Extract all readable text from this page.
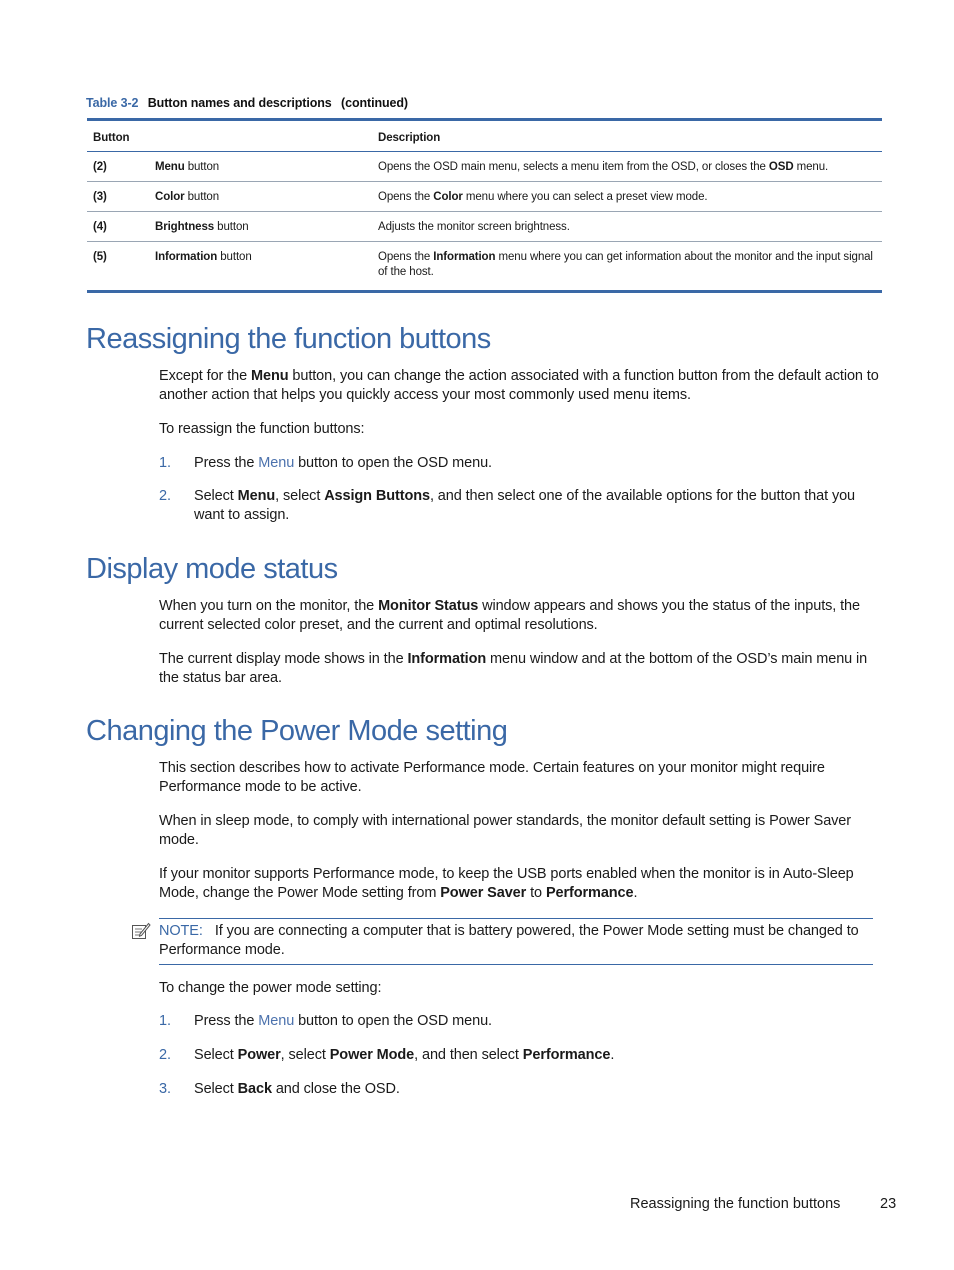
Table 3-2 Button names and descriptions (continued)
Button		Description
(2)	Menu button	Opens the OSD main menu, selects a menu item from the OSD, or closes the OSD menu.
(3)	Color button	Opens the Color menu where you can select a preset view mode.
(4)	Brightness button	Adjusts the monitor screen brightness.
(5)	Information button	Opens the Information menu where you can get information about the monitor and the input signal of the host.
Reassigning the function buttons

Except for the Menu button, you can change the action associated with a function button from the default action to another action that helps you quickly access your most commonly used menu items.

To reassign the function buttons:

1. Press the Menu button to open the OSD menu.
2. Select Menu, select Assign Buttons, and then select one of the available options for the button that you want to assign.
Display mode status

When you turn on the monitor, the Monitor Status window appears and shows you the status of the inputs, the current selected color preset, and the current and optimal resolutions.

The current display mode shows in the Information menu window and at the bottom of the OSD’s main menu in the status bar area.

Changing the Power Mode setting

This section describes how to activate Performance mode. Certain features on your monitor might require Performance mode to be active.

When in sleep mode, to comply with international power standards, the monitor default setting is Power Saver mode.

If your monitor supports Performance mode, to keep the USB ports enabled when the monitor is in Auto-Sleep Mode, change the Power Mode setting from Power Saver to Performance.

NOTE: If you are connecting a computer that is battery powered, the Power Mode setting must be changed to Performance mode.

To change the power mode setting:

1. Press the Menu button to open the OSD menu.
2. Select Power, select Power Mode, and then select Performance.
3. Select Back and close the OSD.
Reassigning the function buttons	23
